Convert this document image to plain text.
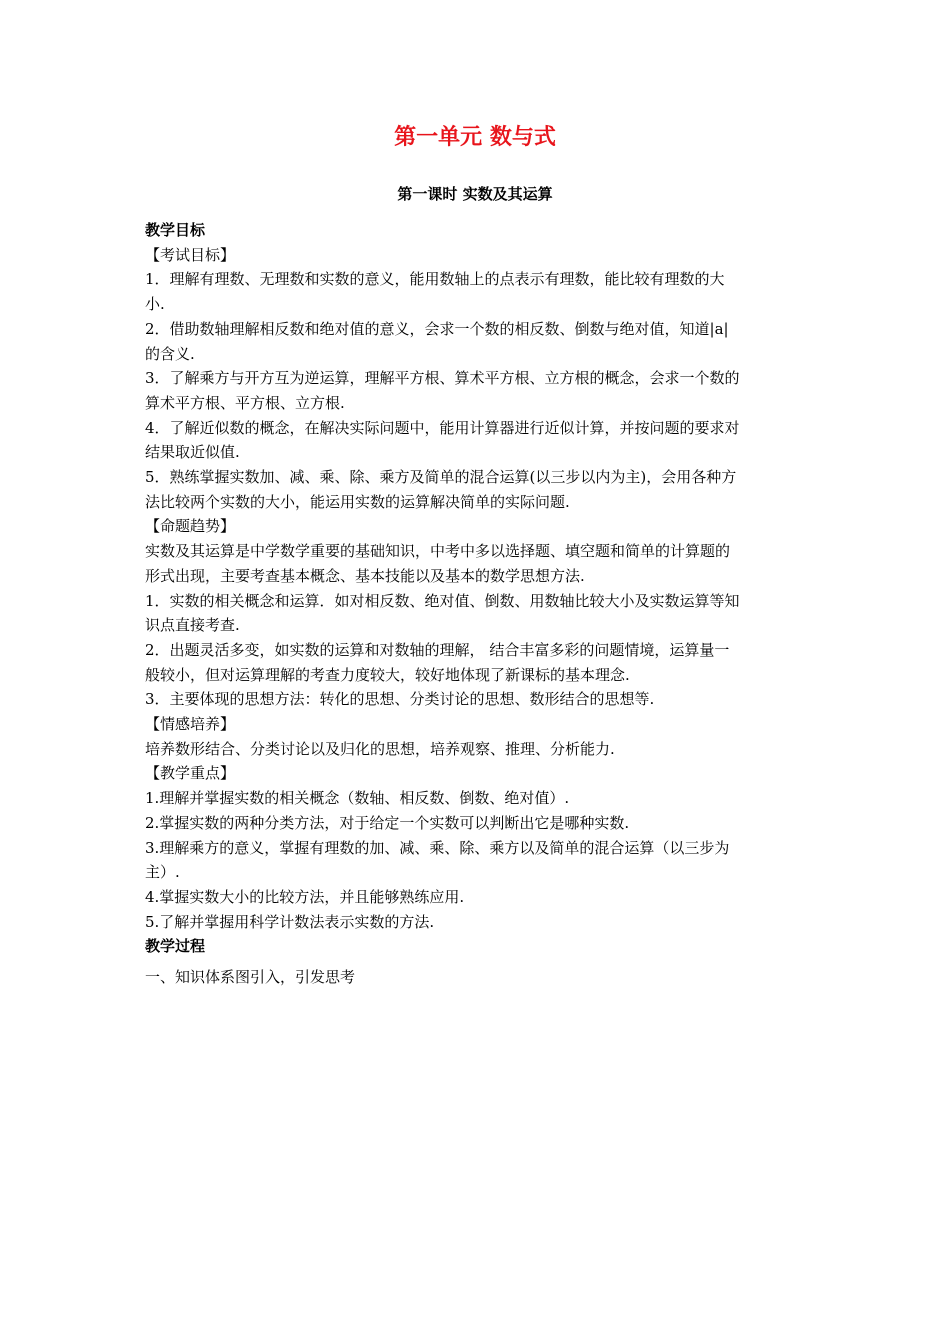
第一单元 数与式
第一课时 实数及其运算

教学目标

【考试目标】

1．理解有理数、无理数和实数的意义，能用数轴上的点表示有理数，能比较有理数的大

小.

2．借助数轴理解相反数和绝对值的意义，会求一个数的相反数、倒数与绝对值，知道|a|

的含义.

3．了解乘方与开方互为逆运算，理解平方根、算术平方根、立方根的概念，会求一个数的

算术平方根、平方根、立方根.

4．了解近似数的概念，在解决实际问题中，能用计算器进行近似计算，并按问题的要求对

结果取近似值.

5．熟练掌握实数加、减、乘、除、乘方及简单的混合运算(以三步以内为主)，会用各种方

法比较两个实数的大小，能运用实数的运算解决简单的实际问题.

【命题趋势】

实数及其运算是中学数学重要的基础知识，中考中多以选择题、填空题和简单的计算题的

形式出现，主要考查基本概念、基本技能以及基本的数学思想方法.

1．实数的相关概念和运算．如对相反数、绝对值、倒数、用数轴比较大小及实数运算等知

识点直接考查.

2．出题灵活多变，如实数的运算和对数轴的理解， 结合丰富多彩的问题情境，运算量一

般较小，但对运算理解的考查力度较大，较好地体现了新课标的基本理念.

3．主要体现的思想方法：转化的思想、分类讨论的思想、数形结合的思想等.

【情感培养】

培养数形结合、分类讨论以及归化的思想，培养观察、推理、分析能力.

【教学重点】

1.理解并掌握实数的相关概念（数轴、相反数、倒数、绝对值）.

2.掌握实数的两种分类方法，对于给定一个实数可以判断出它是哪种实数.

3.理解乘方的意义，掌握有理数的加、减、乘、除、乘方以及简单的混合运算（以三步为

主）.

4.掌握实数大小的比较方法，并且能够熟练应用.

5.了解并掌握用科学计数法表示实数的方法.

教学过程

一、知识体系图引入，引发思考
